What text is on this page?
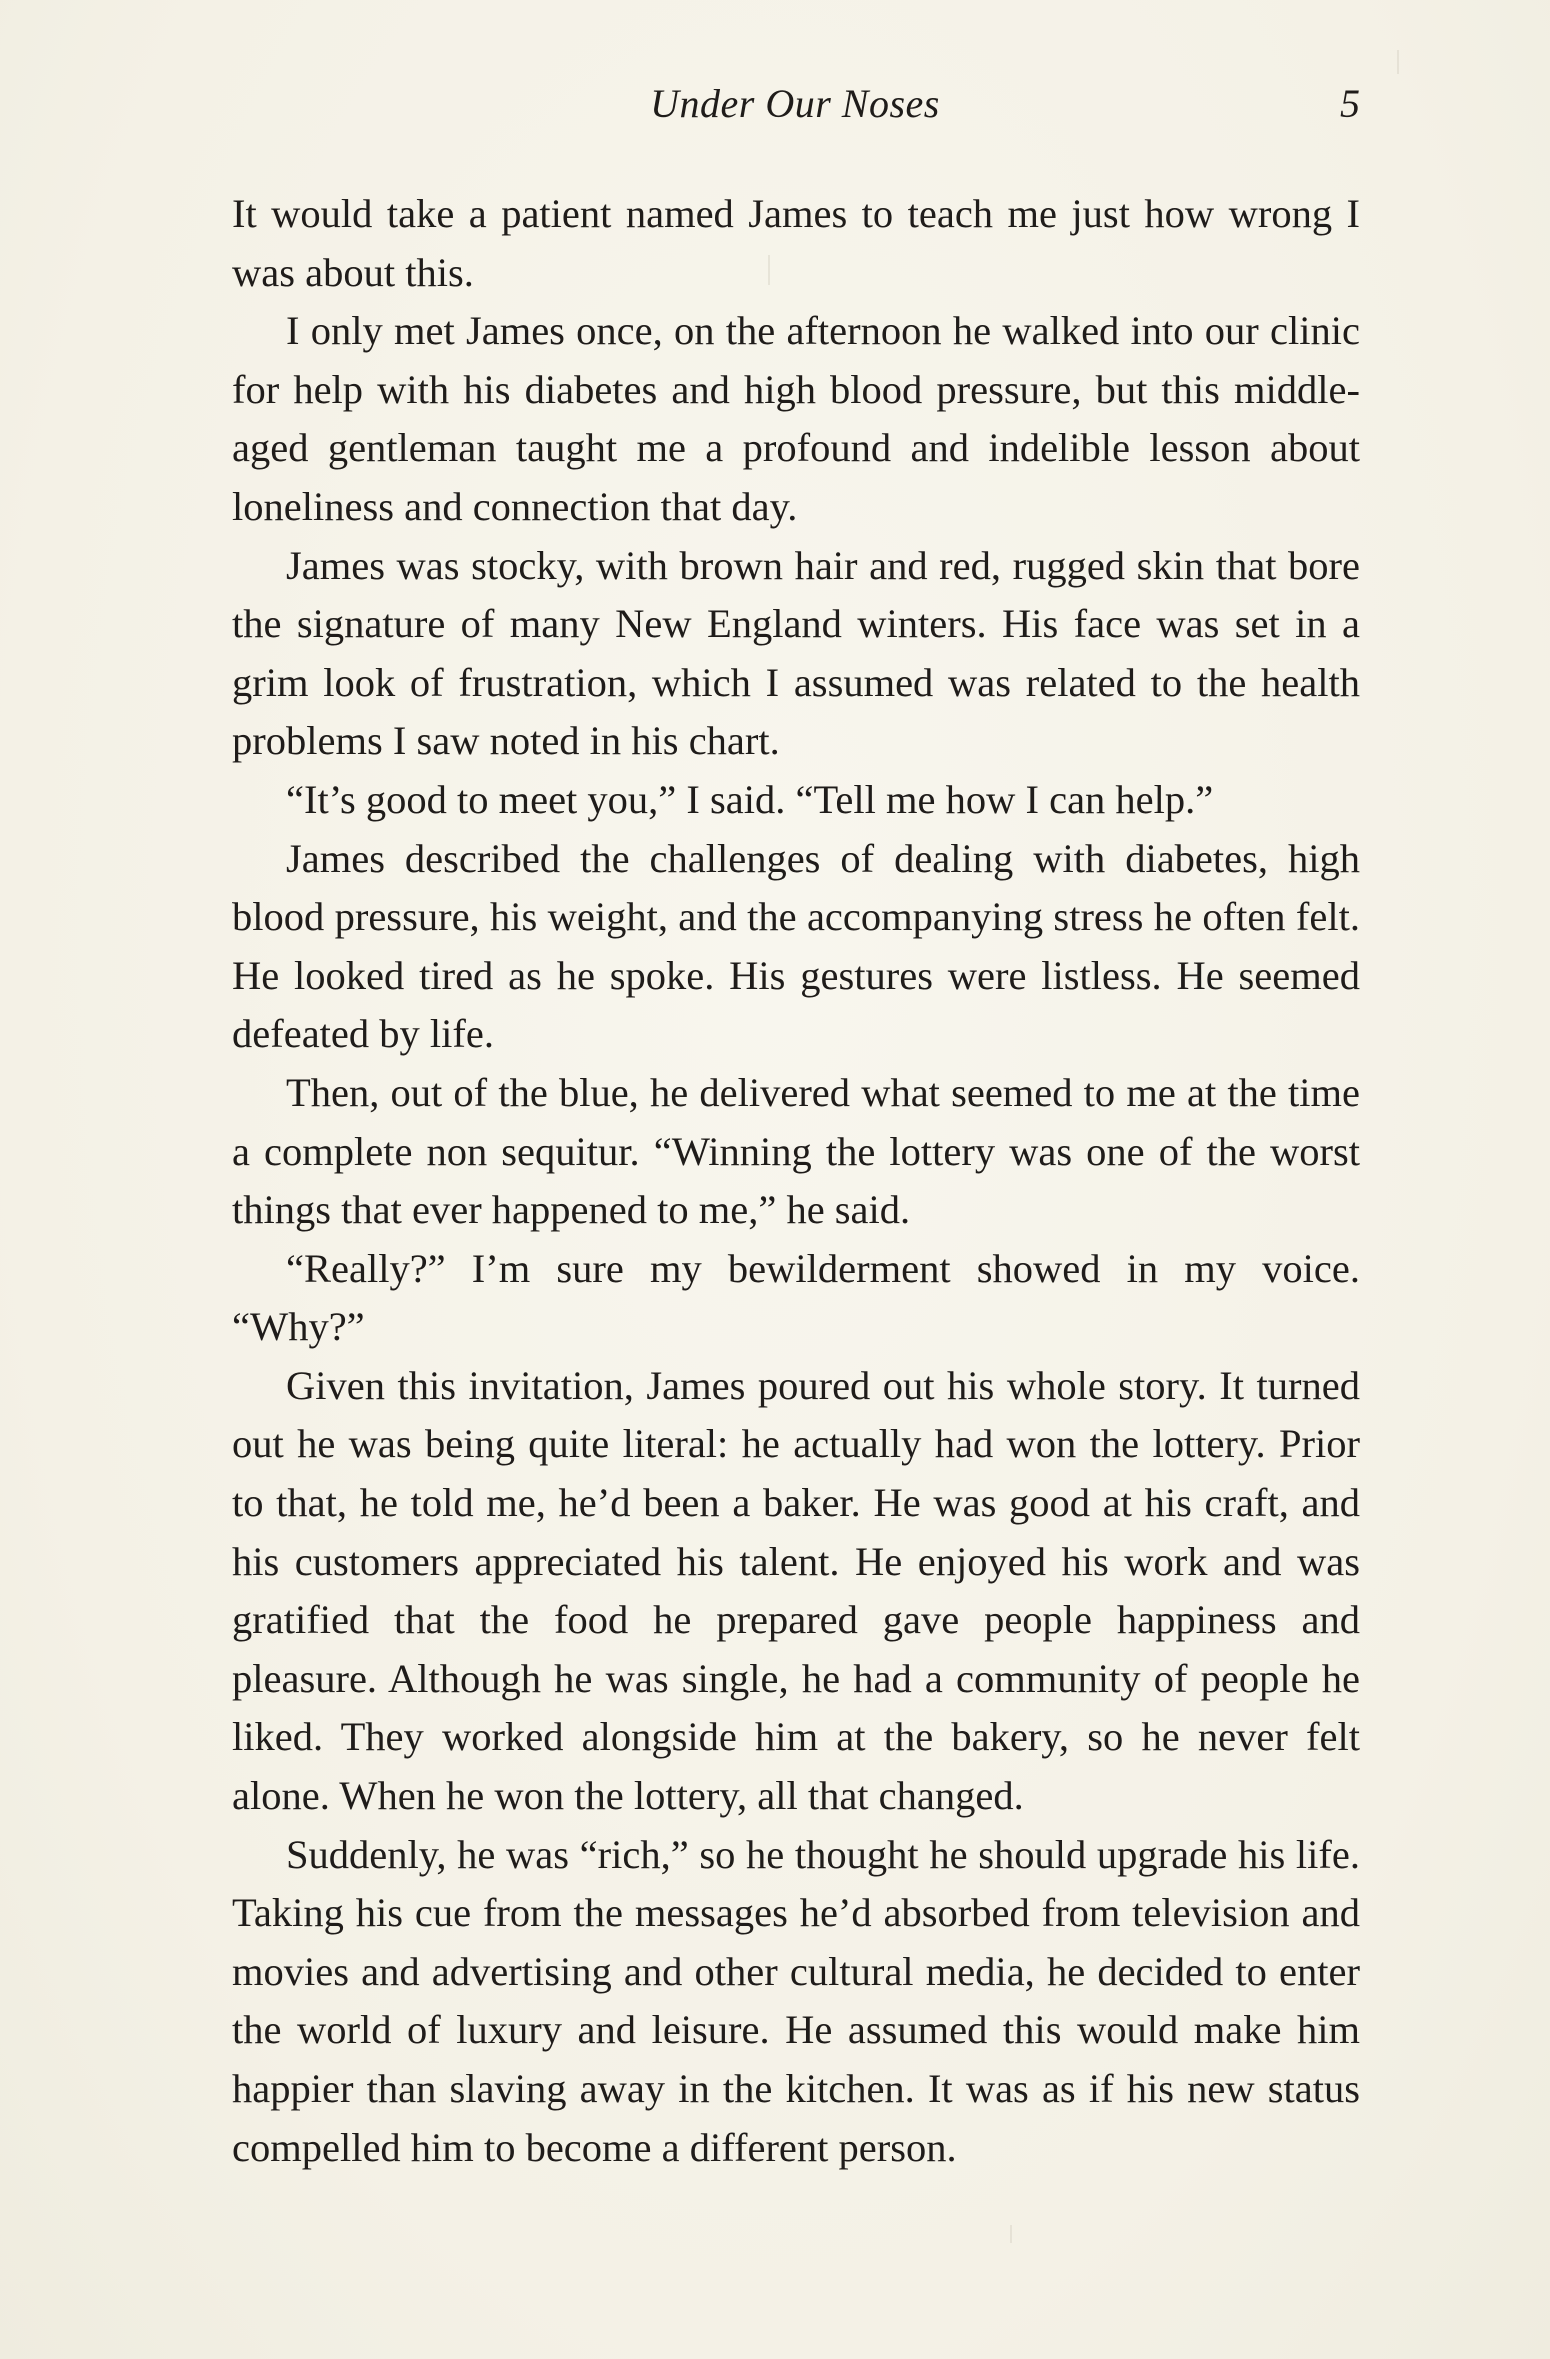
Under Our Noses	5

It would take a patient named James to teach me just how wrong I was about this.

I only met James once, on the afternoon he walked into our clinic for help with his diabetes and high blood pressure, but this middle-aged gentleman taught me a profound and indelible lesson about loneliness and connection that day.

James was stocky, with brown hair and red, rugged skin that bore the signature of many New England winters. His face was set in a grim look of frustration, which I assumed was related to the health problems I saw noted in his chart.

“It’s good to meet you,” I said. “Tell me how I can help.”

James described the challenges of dealing with diabetes, high blood pressure, his weight, and the accompanying stress he often felt. He looked tired as he spoke. His gestures were listless. He seemed defeated by life.

Then, out of the blue, he delivered what seemed to me at the time a complete non sequitur. “Winning the lottery was one of the worst things that ever happened to me,” he said.

“Really?” I’m sure my bewilderment showed in my voice. “Why?”

Given this invitation, James poured out his whole story. It turned out he was being quite literal: he actually had won the lottery. Prior to that, he told me, he’d been a baker. He was good at his craft, and his customers appreciated his talent. He enjoyed his work and was gratified that the food he prepared gave people happiness and pleasure. Although he was single, he had a community of people he liked. They worked alongside him at the bakery, so he never felt alone. When he won the lottery, all that changed.

Suddenly, he was “rich,” so he thought he should upgrade his life. Taking his cue from the messages he’d absorbed from television and movies and advertising and other cultural media, he decided to enter the world of luxury and leisure. He assumed this would make him happier than slaving away in the kitchen. It was as if his new status compelled him to become a different person.
